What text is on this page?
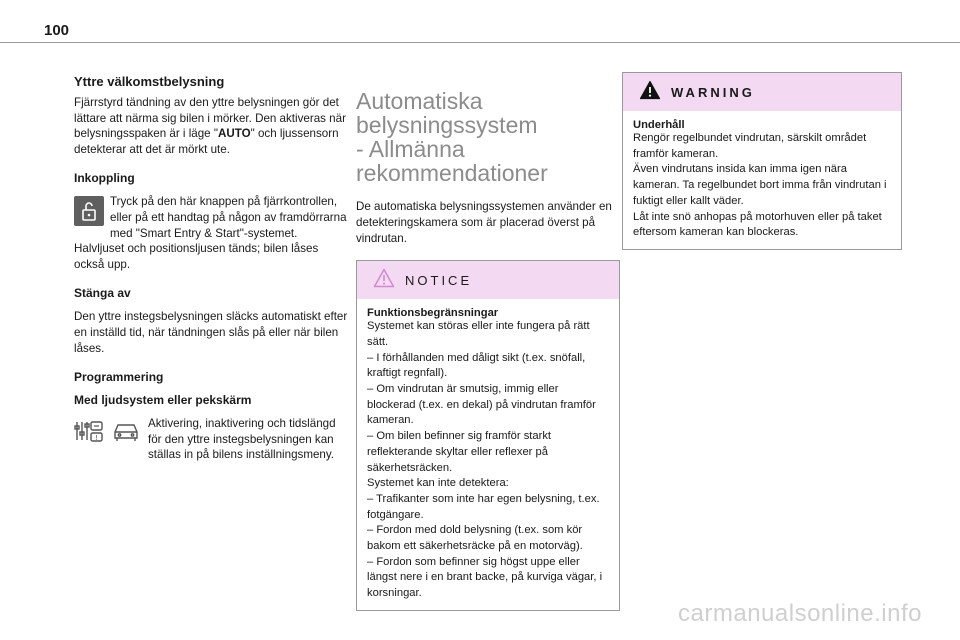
100
Yttre välkomstbelysning

Fjärrstyrd tändning av den yttre belysningen gör det lättare att närma sig bilen i mörker. Den aktiveras när belysningsspaken är i läge "AUTO" och ljussensorn detekterar att det är mörkt ute.

Inkoppling

Tryck på den här knappen på fjärrkontrollen, eller på ett handtag på någon av framdörrarna med "Smart Entry & Start"-systemet.

Halvljuset och positionsljusen tänds; bilen låses också upp.

Stänga av

Den yttre instegsbelysningen släcks automatiskt efter en inställd tid, när tändningen slås på eller när bilen låses.

Programmering
Med ljudsystem eller pekskärm
!

Aktivering, inaktivering och tidslängd för den yttre instegsbelysningen kan ställas in på bilens inställningsmeny.

Automatiska
belysningssystem
- Allmänna
rekommendationer

De automatiska belysningssystemen använder en detekteringskamera som är placerad överst på vindrutan.

NOTICE
Funktionsbegränsningar
Systemet kan störas eller inte fungera på rätt sätt.
– I förhållanden med dåligt sikt (t.ex. snöfall, kraftigt regnfall).
– Om vindrutan är smutsig, immig eller blockerad (t.ex. en dekal) på vindrutan framför kameran.
– Om bilen befinner sig framför starkt reflekterande skyltar eller reflexer på säkerhetsräcken.
Systemet kan inte detektera:
– Trafikanter som inte har egen belysning, t.ex. fotgängare.
– Fordon med dold belysning (t.ex. som kör bakom ett säkerhetsräcke på en motorväg).
– Fordon som befinner sig högst uppe eller längst nere i en brant backe, på kurviga vägar, i korsningar.
WARNING
Underhåll
Rengör regelbundet vindrutan, särskilt området framför kameran.
Även vindrutans insida kan imma igen nära kameran. Ta regelbundet bort imma från vindrutan i fuktigt eller kallt väder.
Låt inte snö anhopas på motorhuven eller på taket eftersom kameran kan blockeras.
carmanualsonline.info
